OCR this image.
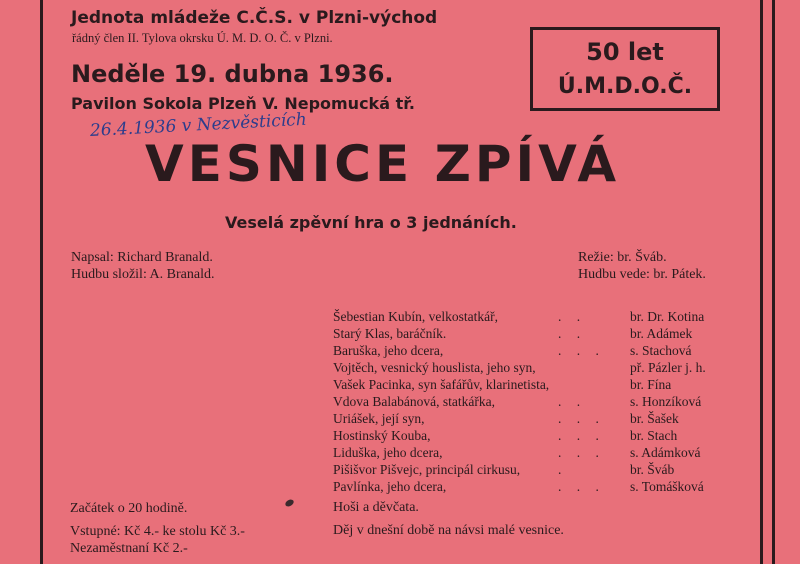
Jednota mládeže C.Č.S. v Plzni-východ
řádný člen II. Tylova okrsku Ú. M. D. O. Č. v Plzni.
Neděle 19. dubna 1936.
Pavilon Sokola Plzeň V. Nepomucká tř.
50 let
Ú.M.D.O.Č.
26.4.1936 v Nezvěsticích
VESNICE ZPÍVÁ
Veselá zpěvní hra o 3 jednáních.
Napsal: Richard Branald.
Hudbu složil: A. Branald.
Režie: br. Šváb.
Hudbu vede: br. Pátek.
Šebestian Kubín, velkostatkář,	. .	br. Dr. Kotina
Starý Klas, baráčník.	. .	br. Adámek
Baruška, jeho dcera,	. . . s. Stachová
Vojtěch, vesnický houslista, jeho syn,	př. Pázler j. h.
Vašek Pacinka, syn šafářův, klarinetista,	br. Fína
Vdova Balabánová, statkářka,	. .	s. Honzíková
Uriášek, její syn,	. . . br. Šašek
Hostinský Kouba,	. . . br. Stach
Liduška, jeho dcera,	. . . s. Adámková
Pišišvor Pišvejc, principál cirkusu,	.	br. Šváb
Pavlínka, jeho dcera,	. . . s. Tomášková
Začátek o 20 hodině.
Vstupné: Kč 4.- ke stolu Kč 3.-
Nezaměstnaní Kč 2.-
Hoši a děvčata.
Děj v dnešní době na návsi malé vesnice.
